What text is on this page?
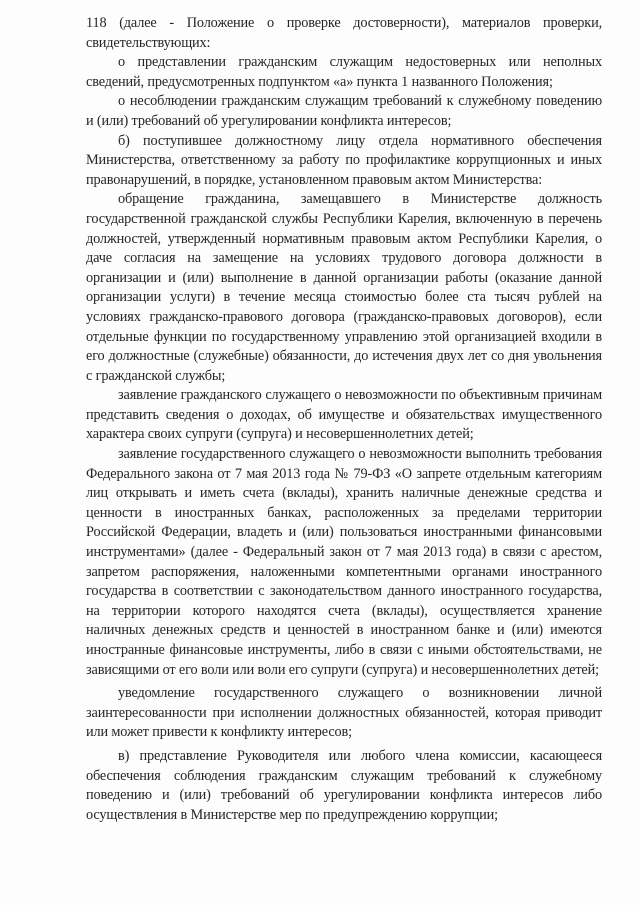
118 (далее - Положение о проверке достоверности), материалов проверки, свидетельствующих:

о представлении гражданским служащим недостоверных или неполных сведений, предусмотренных подпунктом «а» пункта 1 названного Положения;

о несоблюдении гражданским служащим требований к служебному поведению и (или) требований об урегулировании конфликта интересов;

б) поступившее должностному лицу отдела нормативного обеспечения Министерства, ответственному за работу по профилактике коррупционных и иных правонарушений, в порядке, установленном правовым актом Министерства:

обращение гражданина, замещавшего в Министерстве должность государственной гражданской службы Республики Карелия, включенную в перечень должностей, утвержденный нормативным правовым актом Республики Карелия, о даче согласия на замещение на условиях трудового договора должности в организации и (или) выполнение в данной организации работы (оказание данной организации услуги) в течение месяца стоимостью более ста тысяч рублей на условиях гражданско-правового договора (гражданско-правовых договоров), если отдельные функции по государственному управлению этой организацией входили в его должностные (служебные) обязанности, до истечения двух лет со дня увольнения с гражданской службы;

заявление гражданского служащего о невозможности по объективным причинам представить сведения о доходах, об имуществе и обязательствах имущественного характера своих супруги (супруга) и несовершеннолетних детей;

заявление государственного служащего о невозможности выполнить требования Федерального закона от 7 мая 2013 года № 79-ФЗ «О запрете отдельным категориям лиц открывать и иметь счета (вклады), хранить наличные денежные средства и ценности в иностранных банках, расположенных за пределами территории Российской Федерации, владеть и (или) пользоваться иностранными финансовыми инструментами» (далее - Федеральный закон от 7 мая 2013 года) в связи с арестом, запретом распоряжения, наложенными компетентными органами иностранного государства в соответствии с законодательством данного иностранного государства, на территории которого находятся счета (вклады), осуществляется хранение наличных денежных средств и ценностей в иностранном банке и (или) имеются иностранные финансовые инструменты, либо в связи с иными обстоятельствами, не зависящими от его воли или воли его супруги (супруга) и несовершеннолетних детей;

уведомление государственного служащего о возникновении личной заинтересованности при исполнении должностных обязанностей, которая приводит или может привести к конфликту интересов;

в) представление Руководителя или любого члена комиссии, касающееся обеспечения соблюдения гражданским служащим требований к служебному поведению и (или) требований об урегулировании конфликта интересов либо осуществления в Министерстве мер по предупреждению коррупции;
